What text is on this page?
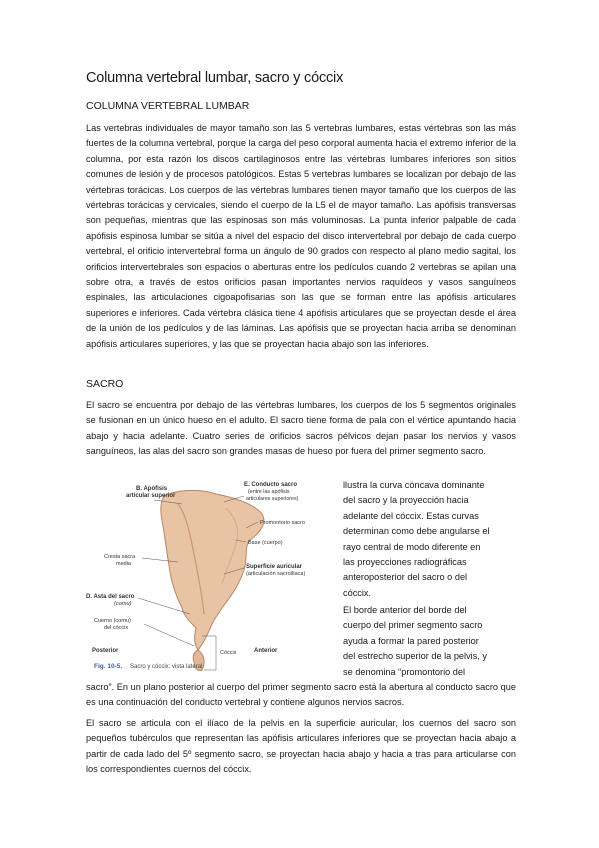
Columna vertebral lumbar, sacro y cóccix
COLUMNA VERTEBRAL LUMBAR

Las vertebras individuales de mayor tamaño son las 5 vertebras lumbares, estas vértebras son las más fuertes de la columna vertebral, porque la carga del peso corporal aumenta hacia el extremo inferior de la columna, por esta razón los discos cartilaginosos entre las vértebras lumbares inferiores son sitios comunes de lesión y de procesos patológicos. Estas 5 vertebras lumbares se localizan por debajo de las vértebras torácicas. Los cuerpos de las vértebras lumbares tienen mayor tamaño que los cuerpos de las vértebras torácicas y cervicales, siendo el cuerpo de la L5 el de mayor tamaño. Las apófisis transversas son pequeñas, mientras que las espinosas son más voluminosas. La punta inferior palpable de cada apófisis espinosa lumbar se sitúa a nivel del espacio del disco intervertebral por debajo de cada cuerpo vertebral, el orificio intervertebral forma un ángulo de 90 grados con respecto al plano medio sagital, los orificios intervertebrales son espacios o aberturas entre los pedículos cuando 2 vertebras se apilan una sobre otra, a través de estos orificios pasan importantes nervios raquídeos y vasos sanguíneos espinales, las articulaciones cigoapofisarias son las que se forman entre las apófisis articulares superiores e inferiores. Cada vértebra clásica tiene 4 apófisis articulares que se proyectan desde el área de la unión de los pedículos y de las láminas. Las apófisis que se proyectan hacia arriba se denominan apófisis articulares superiores, y las que se proyectan hacia abajo son las inferiores.

SACRO

El sacro se encuentra por debajo de las vértebras lumbares, los cuerpos de los 5 segmentos originales se fusionan en un único hueso en el adulto. El sacro tiene forma de pala con el vértice apuntando hacia abajo y hacia adelante. Cuatro series de orificios sacros pélvicos dejan pasar los nervios y vasos sanguíneos, las alas del sacro son grandes masas de hueso por fuera del primer segmento sacro.

B. Apófisis
articular superior
E. Conducto sacro
(entre las apófisis
articulares superiores)
Promontorio sacro
Base (cuerpo)
Cresta sacra
media	Superficie auricular
(articulación sacroilíaca)
D. Asta del sacro
(cornu)
Cuerno (cornu)
del cóccix
Cóccix
Posterior	Anterior
Fig. 10-5. Sacro y cóccix: vista lateral.
llustra la curva cóncava dominante
del sacro y la proyección hacia
adelante del cóccix. Estas curvas
determinan como debe angularse el
rayo central de modo diferente en
las proyecciones radiográficas
anteroposterior del sacro o del
cóccix.
El borde anterior del borde del
cuerpo del primer segmento sacro
ayuda a formar la pared posterior
del estrecho superior de la pelvis, y
se denomina “promontorio del

sacro”. En un plano posterior al cuerpo del primer segmento sacro está la abertura al conducto sacro que es una continuación del conducto vertebral y contiene algunos nervios sacros.

El sacro se articula con el ilíaco de la pelvis en la superficie auricular, los cuernos del sacro son pequeños tubérculos que representan las apófisis articulares inferiores que se proyectan hacia abajo a partir de cada lado del 5º segmento sacro, se proyectan hacia abajo y hacia a tras para articularse con los correspondientes cuernos del cóccix.
